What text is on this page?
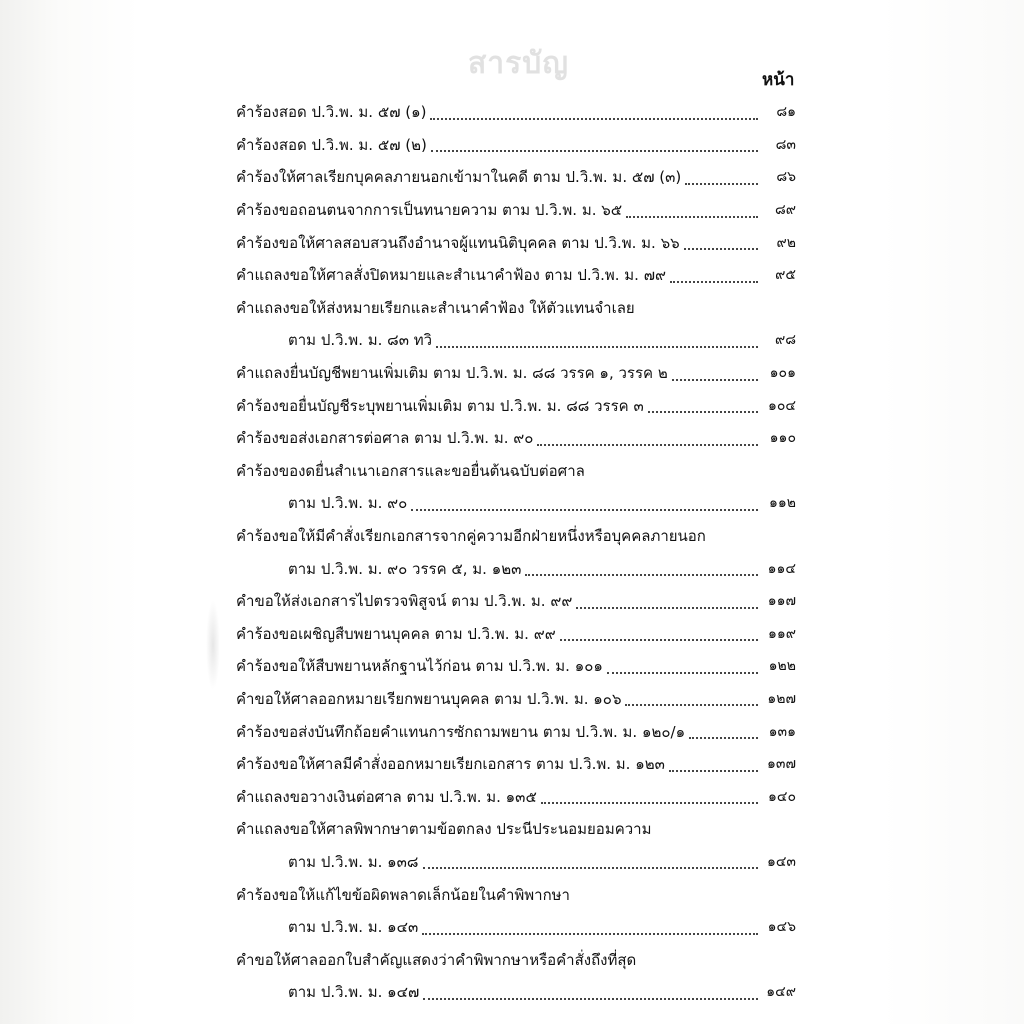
สารบัญ	หน้า
คำร้องสอด ป.วิ.พ. ม. ๕๗ (๑)	๘๑
คำร้องสอด ป.วิ.พ. ม. ๕๗ (๒)	๘๓
คำร้องให้ศาลเรียกบุคคลภายนอกเข้ามาในคดี ตาม ป.วิ.พ. ม. ๕๗ (๓)	๘๖
คำร้องขอถอนตนจากการเป็นทนายความ ตาม ป.วิ.พ. ม. ๖๕	๘๙
คำร้องขอให้ศาลสอบสวนถึงอำนาจผู้แทนนิติบุคคล ตาม ป.วิ.พ. ม. ๖๖	๙๒
คำแถลงขอให้ศาลสั่งปิดหมายและสำเนาคำฟ้อง ตาม ป.วิ.พ. ม. ๗๙	๙๕
คำแถลงขอให้ส่งหมายเรียกและสำเนาคำฟ้อง ให้ตัวแทนจำเลย
ตาม ป.วิ.พ. ม. ๘๓ ทวิ	๙๘
คำแถลงยื่นบัญชีพยานเพิ่มเติม ตาม ป.วิ.พ. ม. ๘๘ วรรค ๑, วรรค ๒	๑๐๑
คำร้องขอยื่นบัญชีระบุพยานเพิ่มเติม ตาม ป.วิ.พ. ม. ๘๘ วรรค ๓	๑๐๔
คำร้องขอส่งเอกสารต่อศาล ตาม ป.วิ.พ. ม. ๙๐	๑๑๐
คำร้องของดยื่นสำเนาเอกสารและขอยื่นต้นฉบับต่อศาล
ตาม ป.วิ.พ. ม. ๙๐	๑๑๒
คำร้องขอให้มีคำสั่งเรียกเอกสารจากคู่ความอีกฝ่ายหนึ่งหรือบุคคลภายนอก
ตาม ป.วิ.พ. ม. ๙๐ วรรค ๕, ม. ๑๒๓	๑๑๔
คำขอให้ส่งเอกสารไปตรวจพิสูจน์ ตาม ป.วิ.พ. ม. ๙๙	๑๑๗
คำร้องขอเผชิญสืบพยานบุคคล ตาม ป.วิ.พ. ม. ๙๙	๑๑๙
คำร้องขอให้สืบพยานหลักฐานไว้ก่อน ตาม ป.วิ.พ. ม. ๑๐๑	๑๒๒
คำขอให้ศาลออกหมายเรียกพยานบุคคล ตาม ป.วิ.พ. ม. ๑๐๖	๑๒๗
คำร้องขอส่งบันทึกถ้อยคำแทนการซักถามพยาน ตาม ป.วิ.พ. ม. ๑๒๐/๑	๑๓๑
คำร้องขอให้ศาลมีคำสั่งออกหมายเรียกเอกสาร ตาม ป.วิ.พ. ม. ๑๒๓	๑๓๗
คำแถลงขอวางเงินต่อศาล ตาม ป.วิ.พ. ม. ๑๓๕	๑๔๐
คำแถลงขอให้ศาลพิพากษาตามข้อตกลง ประนีประนอมยอมความ
ตาม ป.วิ.พ. ม. ๑๓๘	๑๔๓
คำร้องขอให้แก้ไขข้อผิดพลาดเล็กน้อยในคำพิพากษา
ตาม ป.วิ.พ. ม. ๑๔๓	๑๔๖
คำขอให้ศาลออกใบสำคัญแสดงว่าคำพิพากษาหรือคำสั่งถึงที่สุด
ตาม ป.วิ.พ. ม. ๑๔๗	๑๔๙
